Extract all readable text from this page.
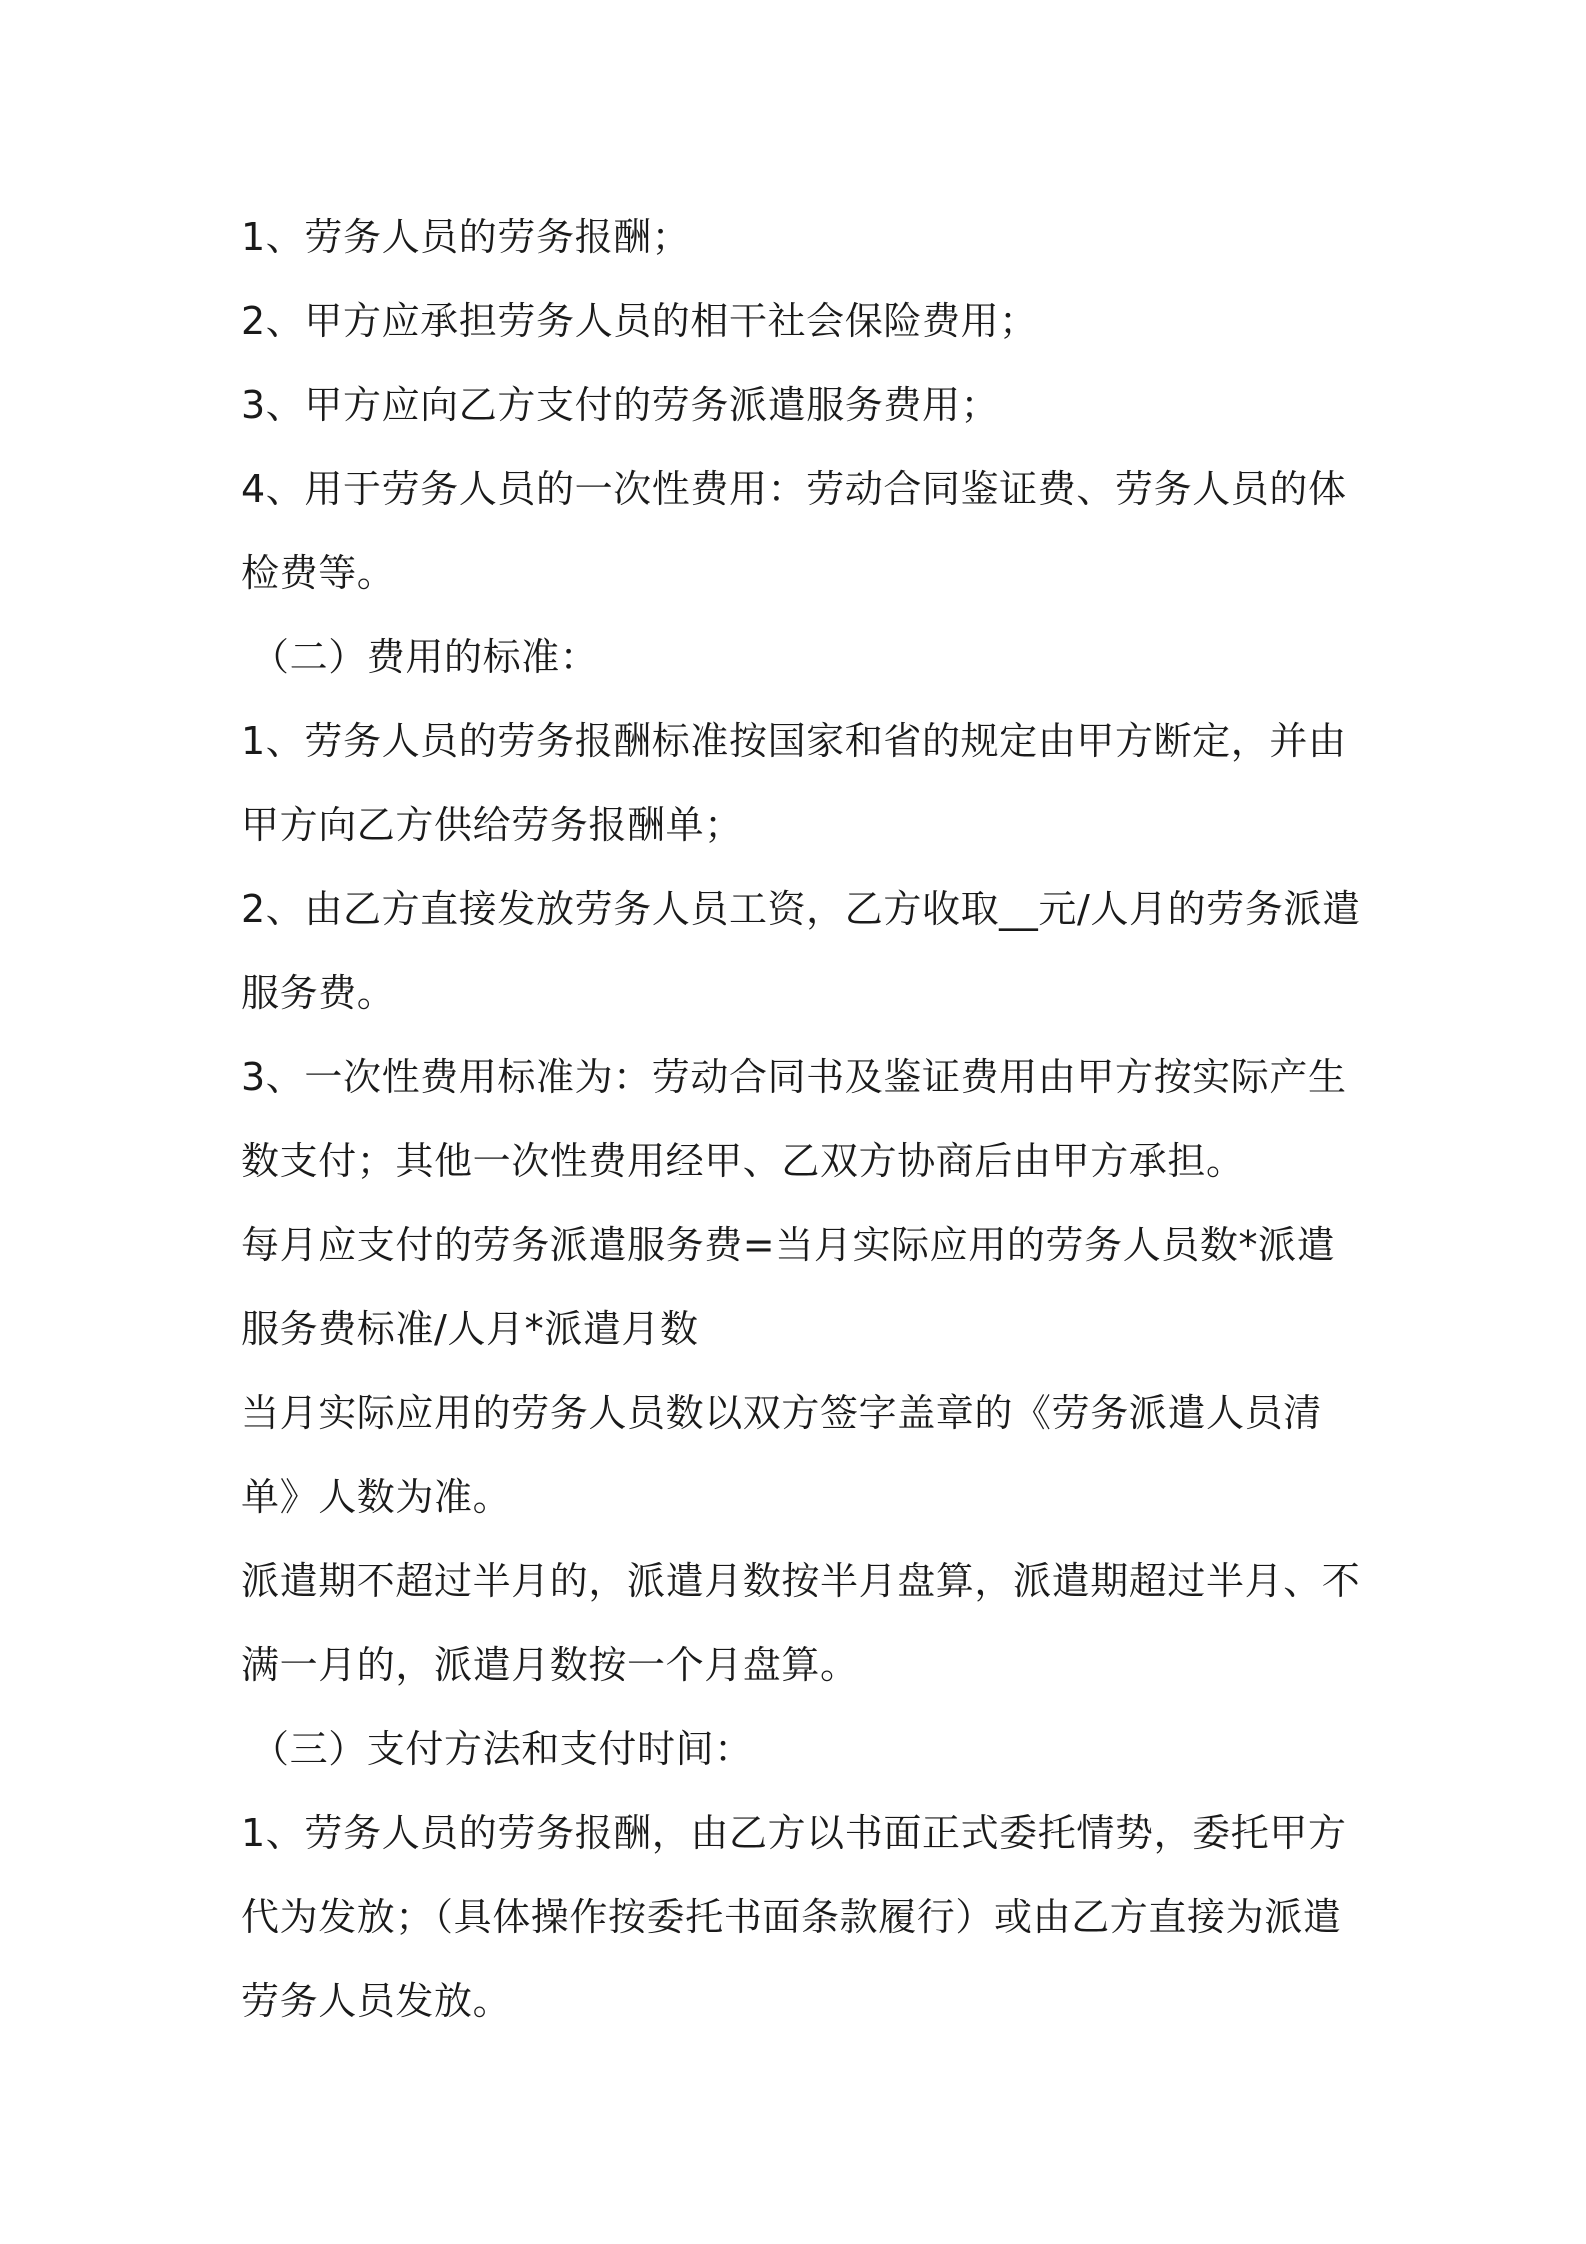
1、劳务人员的劳务报酬；

2、甲方应承担劳务人员的相干社会保险费用；

3、甲方应向乙方支付的劳务派遣服务费用；

4、用于劳务人员的一次性费用：劳动合同鉴证费、劳务人员的体检费等。

（二）费用的标准：

1、劳务人员的劳务报酬标准按国家和省的规定由甲方断定，并由甲方向乙方供给劳务报酬单；

2、由乙方直接发放劳务人员工资，乙方收取__元/人月的劳务派遣服务费。

3、一次性费用标准为：劳动合同书及鉴证费用由甲方按实际产生数支付；其他一次性费用经甲、乙双方协商后由甲方承担。

每月应支付的劳务派遣服务费=当月实际应用的劳务人员数*派遣服务费标准/人月*派遣月数

当月实际应用的劳务人员数以双方签字盖章的《劳务派遣人员清单》人数为准。

派遣期不超过半月的，派遣月数按半月盘算，派遣期超过半月、不满一月的，派遣月数按一个月盘算。

（三）支付方法和支付时间：

1、劳务人员的劳务报酬，由乙方以书面正式委托情势，委托甲方代为发放；（具体操作按委托书面条款履行）或由乙方直接为派遣劳务人员发放。
